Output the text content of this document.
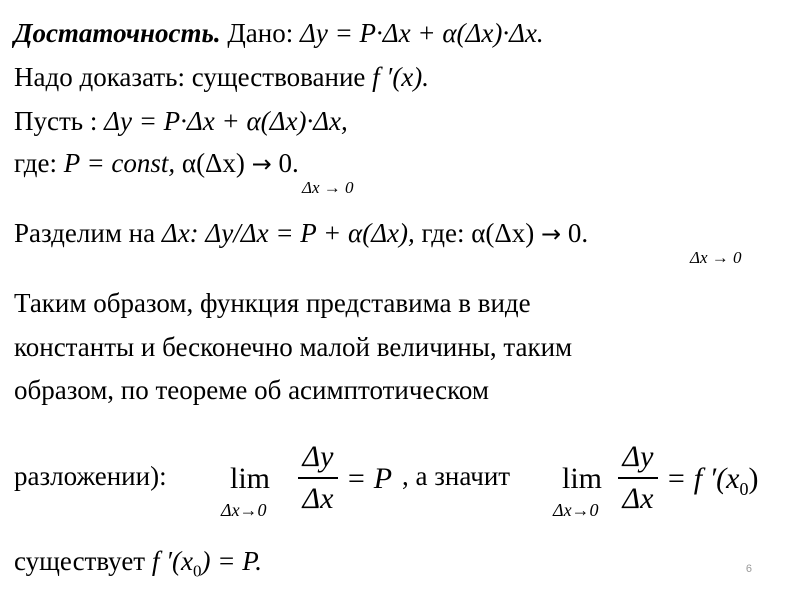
Достаточность. Дано: Δy = P·Δx + α(Δx)·Δx.
Надо доказать: существование f ′(x).
Пусть : Δy = P·Δx + α(Δx)·Δx,
где: P = const, α(Δx) → 0.
Δx → 0
Разделим на Δx: Δy/Δx = P + α(Δx), где: α(Δx) → 0.
Δx → 0
Таким образом, функция представима в виде
константы и бесконечно малой величины, таким
образом, по теореме об асимптотическом
разложении): lim
Δx→0
Δy
Δx
= P , а значит lim
Δx→0
Δy
Δx
= f $'(x_0)$
существует f $'(x_0) = P$.	6
